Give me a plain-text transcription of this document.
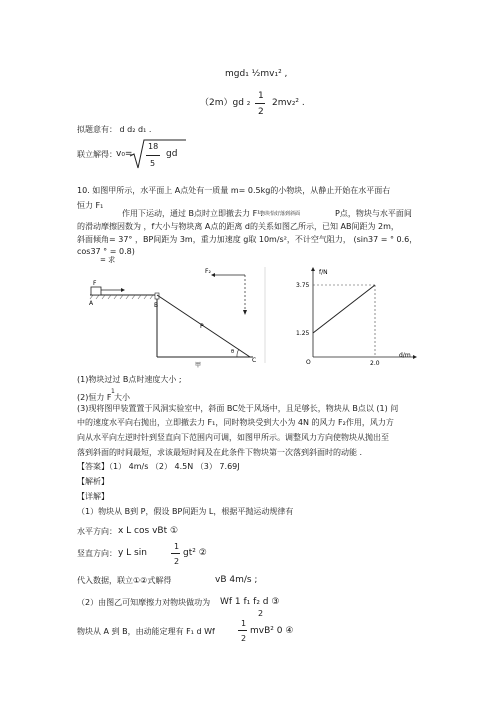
mgd₁ ½mv₁² ,
（2m）gd ₂
1
2
2mv₂² .
拟题意有： d d₂ d₁ .
联立解得： v₀=
18
5
gd
10. 如图甲所示，水平面上 A点处有一质量 m= 0.5kg的小物块，从静止开始在水平面右
恒力 F₁
作用下运动，通过 B点时立即撤去力 F¹.
物块恰好落到斜面	P点，物块与水平面间
的滑动摩擦因数为 ，f大小与物块离 A点的距离 d的关系如图乙所示，已知 AB间距为 2m，
斜面倾角= 37° ，BP间距为 3m，重力加速度 g取 10m/s²，不计空气阻力， (sin37 = ° 0.6，
cos37 ° = 0.8)
= 求
F
A	B
P
C
θ
F₂
甲
3.75
1.25
2.0
f/N
d/m
O
(1)物块过过 B点时速度大小 ;
1
(2)恒力 F 大小
(3)现将图甲装置置于风洞实验室中，斜面 BC处于风场中，且足够长，物块从 B点以 (1) 问
中的速度水平向右抛出，立即撤去力 F₁，同时物块受到大小为 4N 的风力 F₂作用，风力方
向从水平向左逆时针到竖直向下范围内可调，如图甲所示。调整风力方向使物块从抛出至
落到斜面的时间最短，求该最短时间及在此条件下物块第一次落到斜面时的动能 .
【答案】（1） 4m/s （2） 4.5N （3） 7.69J
【解析】
【详解】
（1）物块从 B到 P，假设 BP间距为 L，根据平抛运动规律有
水平方向： x L cos vBt ①
竖直方向： y L sin
1
2
gt² ②
代入数据，联立①②式解得	vB 4m/s ;
（2）由图乙可知摩擦力对物块做功为 Wf 1 f₁ f₂ d ③
2
物块从 A 到 B，由动能定理有 F₁ d Wf
1
2
mvB² 0 ④
